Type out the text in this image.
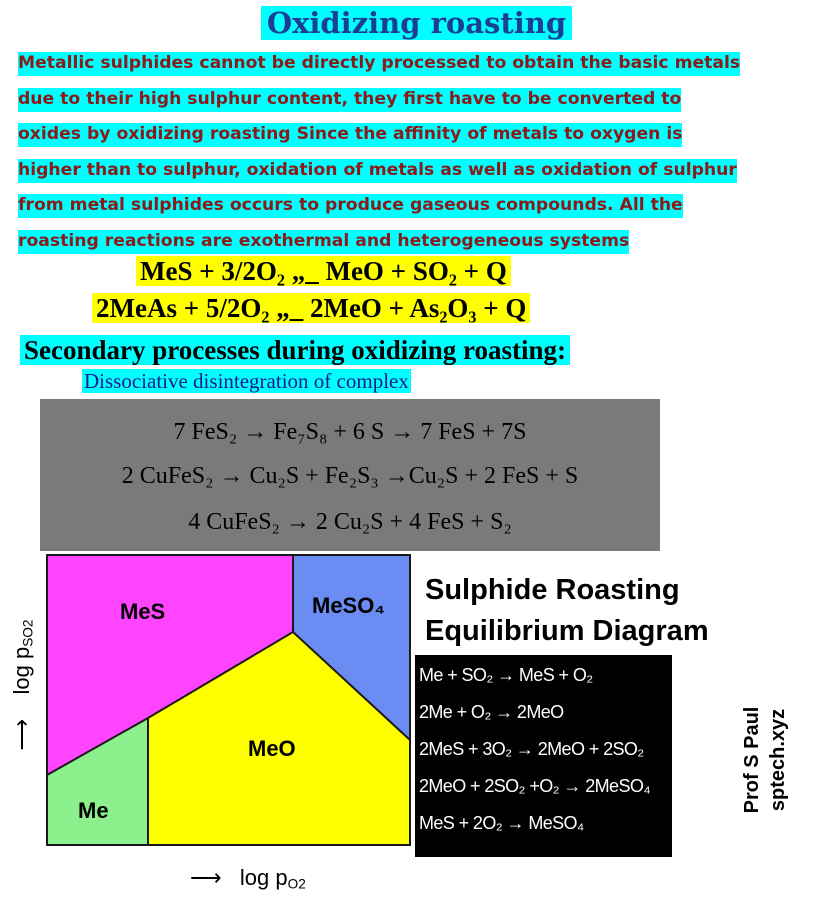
Oxidizing roasting
Metallic sulphides cannot be directly processed to obtain the basic metals
due to their high sulphur content, they first have to be converted to
oxides by oxidizing roasting Since the affinity of metals to oxygen is
higher than to sulphur, oxidation of metals as well as oxidation of sulphur
from metal sulphides occurs to produce gaseous compounds. All the
roasting reactions are exothermal and heterogeneous systems
MeS + 3/2O₂ „_ MeO + SO₂ + Q
2MeAs + 5/2O₂ „_ 2MeO + As₂O₃ + Q
Secondary processes during oxidizing roasting:
Dissociative disintegration of complex
7 FeS₂ → Fe₇S₈ + 6 S → 7 FeS + 7S
2 CuFeS₂ → Cu₂S + Fe₂S₃ →Cu₂S + 2 FeS + S
4 CuFeS₂ → 2 Cu₂S + 4 FeS + S₂
MeS	MeSO₄
MeO
Me
⟶    $\log p_{SO2}$
⟶   $\log p_{O2}$
Sulphide Roasting
Equilibrium Diagram
Me + SO₂ → MeS + O₂
2Me + O₂ → 2MeO
2MeS + 3O₂ → 2MeO + 2SO₂
2MeO + 2SO₂ +O₂ → 2MeSO₄
MeS + 2O₂ → MeSO₄
Prof S Paul sptech.xyz
